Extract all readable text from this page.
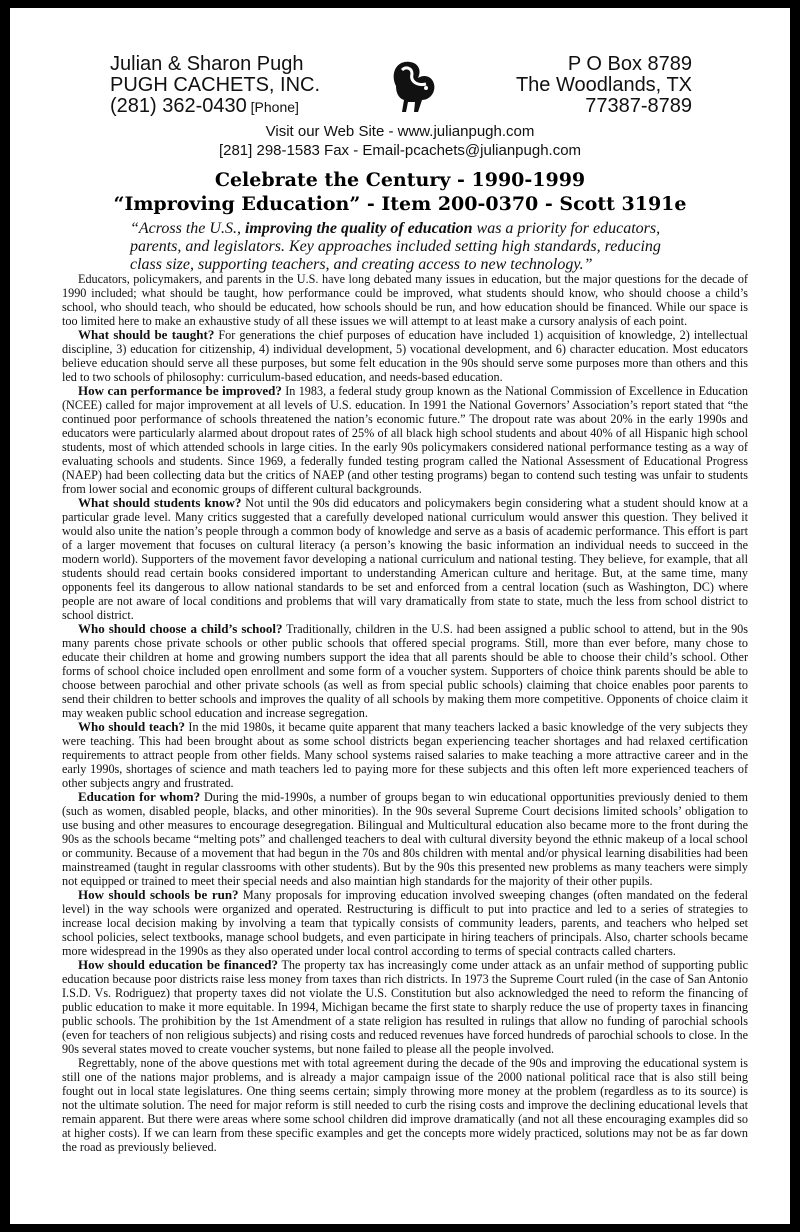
Julian & Sharon Pugh
PUGH CACHETS, INC.
(281) 362-0430 [Phone]
P O Box 8789
The Woodlands, TX
77387-8789
Visit our Web Site - www.julianpugh.com
[281] 298-1583 Fax - Email-pcachets@julianpugh.com
Celebrate the Century - 1990-1999
“Improving Education” - Item 200-0370 - Scott 3191e
“Across the U.S., improving the quality of education was a priority for educators, parents, and legislators. Key approaches included setting high standards, reducing class size, supporting teachers, and creating access to new technology.”

Educators, policymakers, and parents in the U.S. have long debated many issues in education, but the major questions for the decade of 1990 included; what should be taught, how performance could be improved, what students should know, who should choose a child’s school, who should teach, who should be educated, how schools should be run, and how education should be financed. While our space is too limited here to make an exhaustive study of all these issues we will attempt to at least make a cursory analysis of each point.

What should be taught? For generations the chief purposes of education have included 1) acquisition of knowledge, 2) intellectual discipline, 3) education for citizenship, 4) individual development, 5) vocational development, and 6) character education. Most educators believe education should serve all these purposes, but some felt education in the 90s should serve some purposes more than others and this led to two schools of philosophy: curriculum-based education, and needs-based education.

How can performance be improved? In 1983, a federal study group known as the National Commission of Excellence in Education (NCEE) called for major improvement at all levels of U.S. education. In 1991 the National Governors’ Association’s report stated that “the continued poor performance of schools threatened the nation’s economic future.” The dropout rate was about 20% in the early 1990s and educators were particularly alarmed about dropout rates of 25% of all black high school students and about 40% of all Hispanic high school students, most of which attended schools in large cities. In the early 90s policymakers considered national performance testing as a way of evaluating schools and students. Since 1969, a federally funded testing program called the National Assessment of Educational Progress (NAEP) had been collecting data but the critics of NAEP (and other testing programs) began to contend such testing was unfair to students from lower social and economic groups of different cultural backgrounds.

What should students know? Not until the 90s did educators and policymakers begin considering what a student should know at a particular grade level. Many critics suggested that a carefully developed national curriculum would answer this question. They belived it would also unite the nation’s people through a common body of knowledge and serve as a basis of academic performance. This effort is part of a larger movement that focuses on cultural literacy (a person’s knowing the basic information an individual needs to succeed in the modern world). Supporters of the movement favor developing a national curriculum and national testing. They believe, for example, that all students should read certain books considered important to understanding American culture and heritage. But, at the same time, many opponents feel its dangerous to allow national standards to be set and enforced from a central location (such as Washington, DC) where people are not aware of local conditions and problems that will vary dramatically from state to state, much the less from school district to school district.

Who should choose a child’s school? Traditionally, children in the U.S. had been assigned a public school to attend, but in the 90s many parents chose private schools or other public schools that offered special programs. Still, more than ever before, many chose to educate their children at home and growing numbers support the idea that all parents should be able to choose their child’s school. Other forms of school choice included open enrollment and some form of a voucher system. Supporters of choice think parents should be able to choose between parochial and other private schools (as well as from special public schools) claiming that choice enables poor parents to send their children to better schools and improves the quality of all schools by making them more competitive. Opponents of choice claim it may weaken public school education and increase segregation.

Who should teach? In the mid 1980s, it became quite apparent that many teachers lacked a basic knowledge of the very subjects they were teaching. This had been brought about as some school districts began experiencing teacher shortages and had relaxed certification requirements to attract people from other fields. Many school systems raised salaries to make teaching a more attractive career and in the early 1990s, shortages of science and math teachers led to paying more for these subjects and this often left more experienced teachers of other subjects angry and frustrated.

Education for whom? During the mid-1990s, a number of groups began to win educational opportunities previously denied to them (such as women, disabled people, blacks, and other minorities). In the 90s several Supreme Court decisions limited schools’ obligation to use busing and other measures to encourage desegregation. Bilingual and Multicultural education also became more to the front during the 90s as the schools became “melting pots” and challenged teachers to deal with cultural diversity beyond the ethnic makeup of a local school or community. Because of a movement that had begun in the 70s and 80s children with mental and/or physical learning disabilities had been mainstreamed (taught in regular classrooms with other students). But by the 90s this presented new problems as many teachers were simply not equipped or trained to meet their special needs and also maintian high standards for the majority of their other pupils.

How should schools be run? Many proposals for improving education involved sweeping changes (often mandated on the federal level) in the way schools were organized and operated. Restructuring is difficult to put into practice and led to a series of strategies to increase local decision making by involving a team that typically consists of community leaders, parents, and teachers who helped set school policies, select textbooks, manage school budgets, and even participate in hiring teachers of principals. Also, charter schools became more widespread in the 1990s as they also operated under local control according to terms of special contracts called charters.

How should education be financed? The property tax has increasingly come under attack as an unfair method of supporting public education because poor districts raise less money from taxes than rich districts. In 1973 the Supreme Court ruled (in the case of San Antonio I.S.D. Vs. Rodriguez) that property taxes did not violate the U.S. Constitution but also acknowledged the need to reform the financing of public education to make it more equitable. In 1994, Michigan became the first state to sharply reduce the use of property taxes in financing public schools. The prohibition by the 1st Amendment of a state religion has resulted in rulings that allow no funding of parochial schools (even for teachers of non religious subjects) and rising costs and reduced revenues have forced hundreds of parochial schools to close. In the 90s several states moved to create voucher systems, but none failed to please all the people involved.

Regrettably, none of the above questions met with total agreement during the decade of the 90s and improving the educational system is still one of the nations major problems, and is already a major campaign issue of the 2000 national political race that is also still being fought out in local state legislatures. One thing seems certain; simply throwing more money at the problem (regardless as to its source) is not the ultimate solution. The need for major reform is still needed to curb the rising costs and improve the declining educational levels that remain apparent. But there were areas where some school children did improve dramatically (and not all these encouraging examples did so at higher costs). If we can learn from these specific examples and get the concepts more widely practiced, solutions may not be as far down the road as previously believed.
